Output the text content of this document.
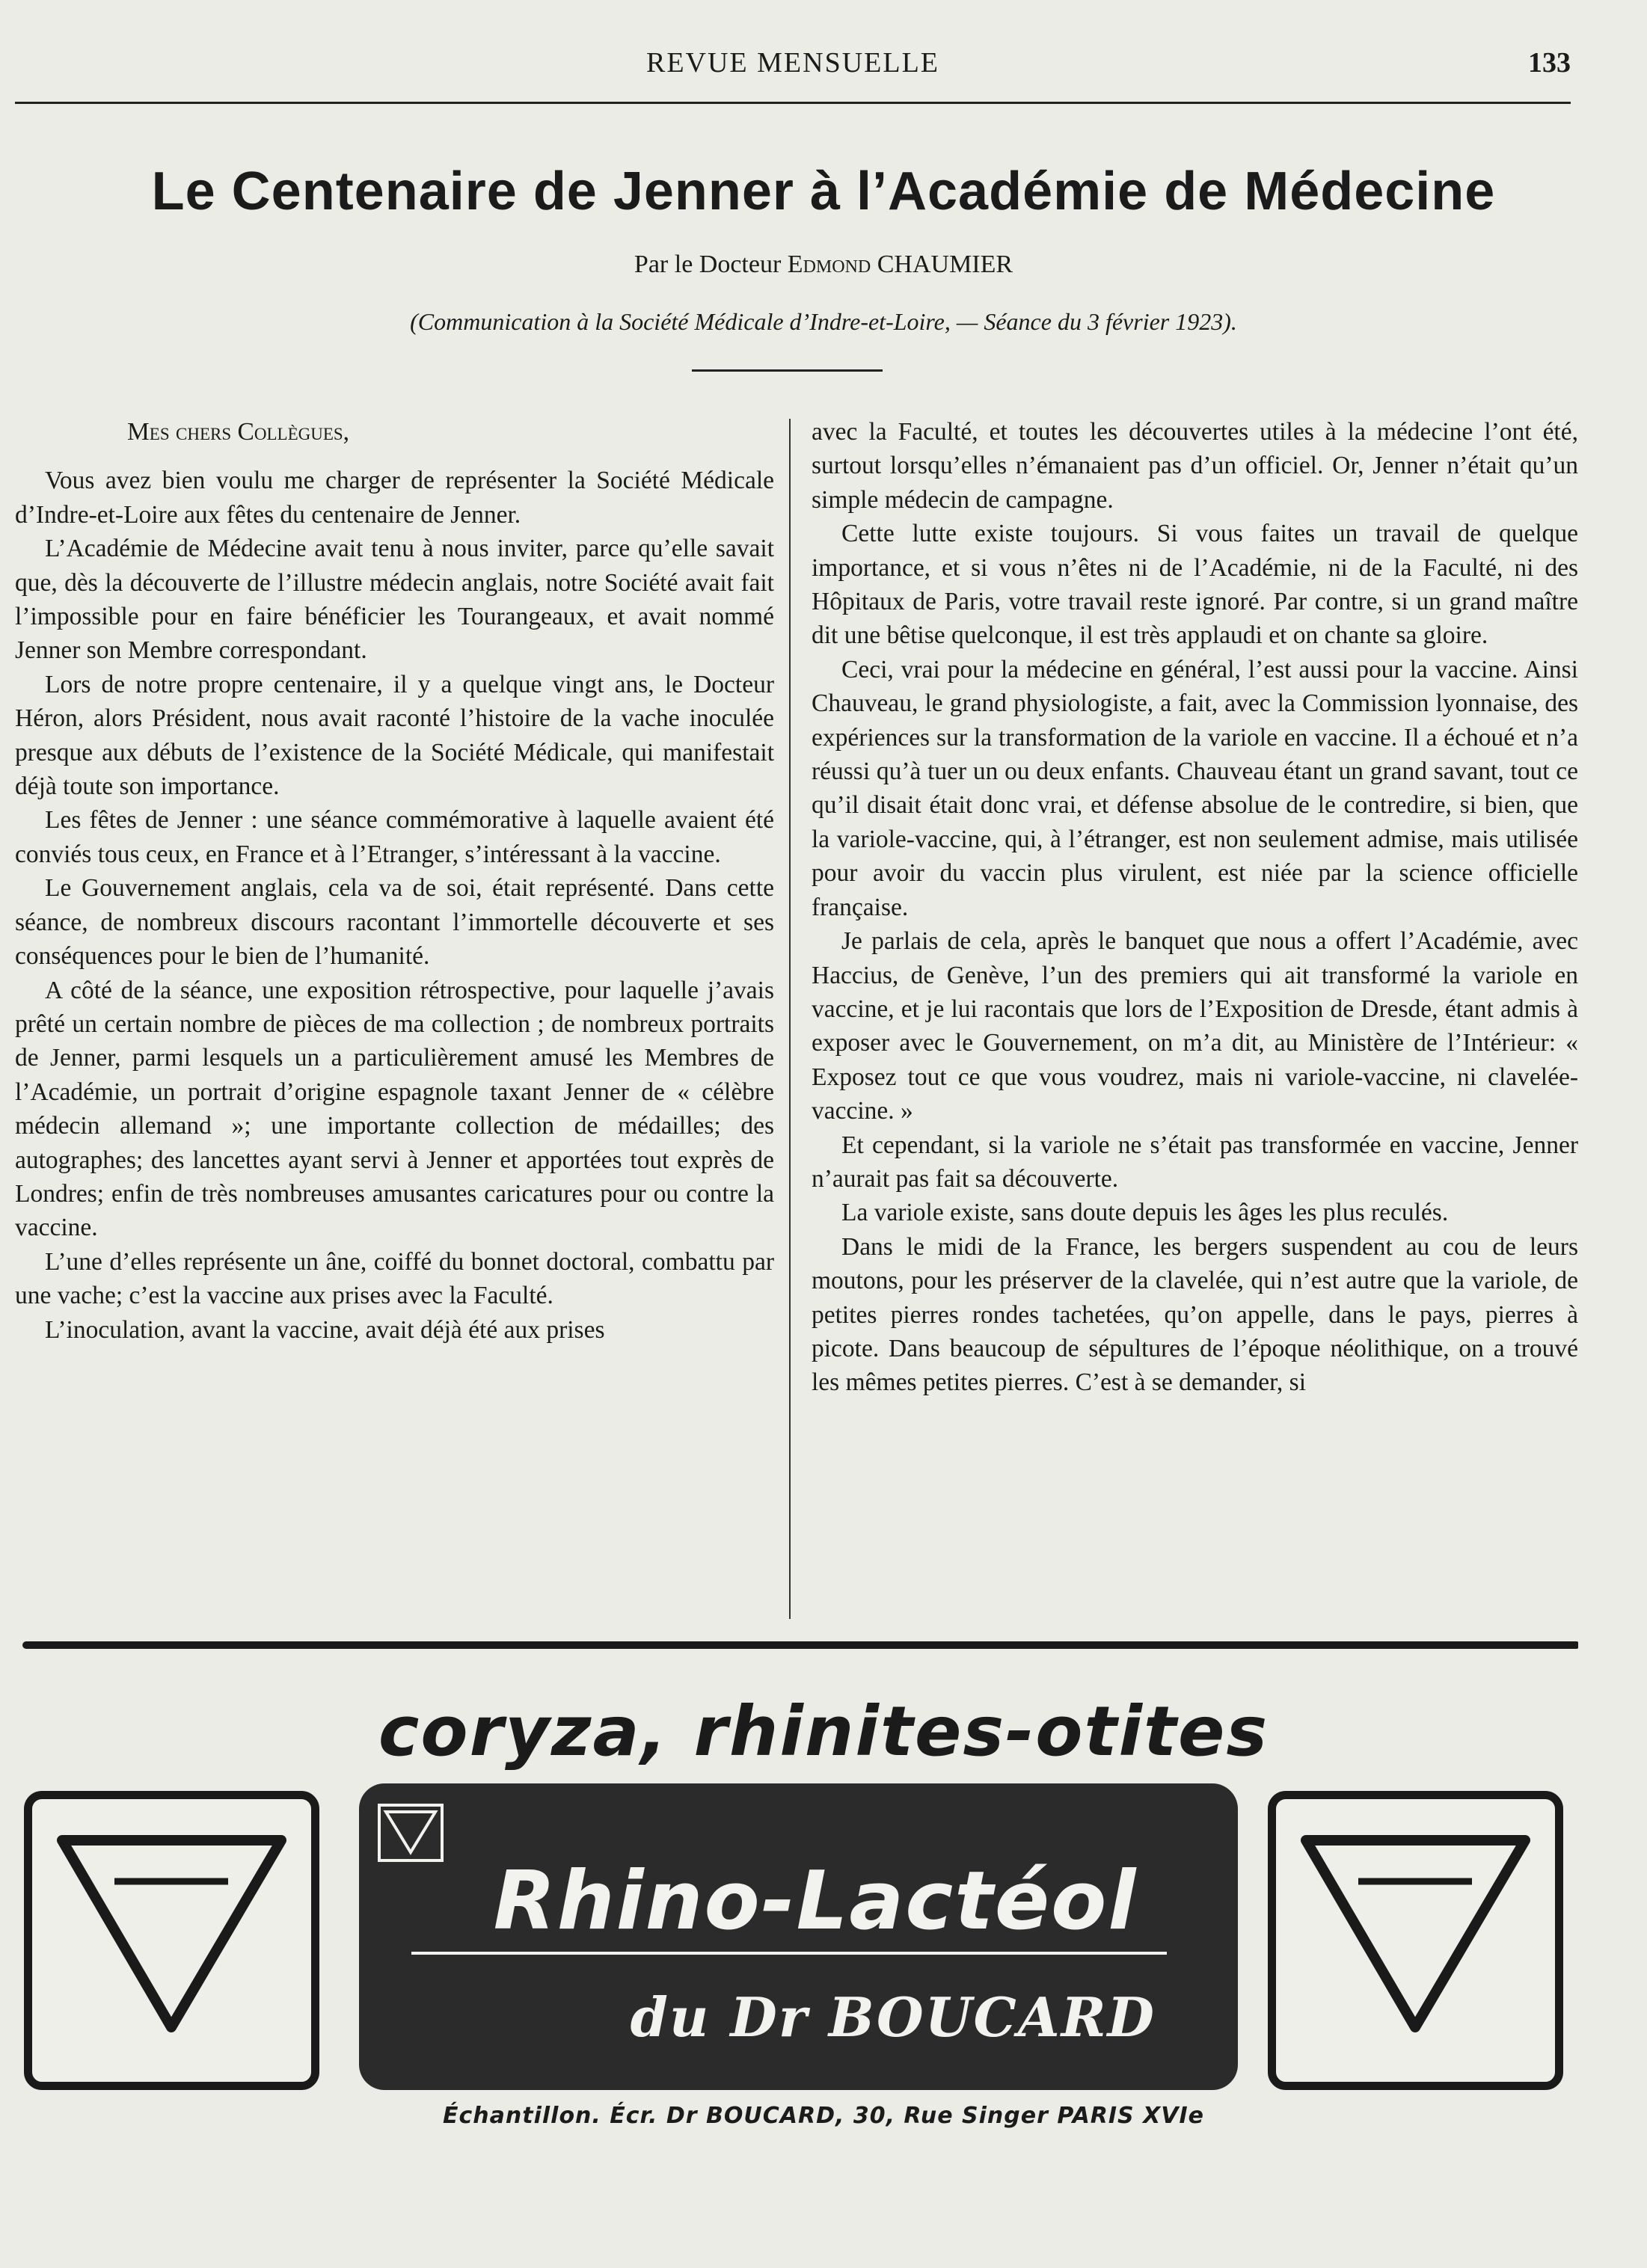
REVUE MENSUELLE	133
Le Centenaire de Jenner à l’Académie de Médecine
Par le Docteur Edmond CHAUMIER
(Communication à la Société Médicale d’Indre-et-Loire, — Séance du 3 février 1923).

Mes chers Collègues,

Vous avez bien voulu me charger de représenter la Société Médicale d’Indre-et-Loire aux fêtes du centenaire de Jenner.

L’Académie de Médecine avait tenu à nous inviter, parce qu’elle savait que, dès la découverte de l’illustre médecin anglais, notre Société avait fait l’impossible pour en faire bénéficier les Tourangeaux, et avait nommé Jenner son Membre correspondant.

Lors de notre propre centenaire, il y a quelque vingt ans, le Docteur Héron, alors Président, nous avait raconté l’histoire de la vache inoculée presque aux débuts de l’existence de la Société Médicale, qui manifestait déjà toute son importance.

Les fêtes de Jenner : une séance commémorative à laquelle avaient été conviés tous ceux, en France et à l’Etranger, s’intéressant à la vaccine.

Le Gouvernement anglais, cela va de soi, était représenté. Dans cette séance, de nombreux discours racontant l’immortelle découverte et ses conséquences pour le bien de l’humanité.

A côté de la séance, une exposition rétrospective, pour laquelle j’avais prêté un certain nombre de pièces de ma collection ; de nombreux portraits de Jenner, parmi lesquels un a particulièrement amusé les Membres de l’Académie, un portrait d’origine espagnole taxant Jenner de « célèbre médecin allemand »; une importante collection de médailles; des autographes; des lancettes ayant servi à Jenner et apportées tout exprès de Londres; enfin de très nombreuses amusantes caricatures pour ou contre la vaccine.

L’une d’elles représente un âne, coiffé du bonnet doctoral, combattu par une vache; c’est la vaccine aux prises avec la Faculté.

L’inoculation, avant la vaccine, avait déjà été aux prises

avec la Faculté, et toutes les découvertes utiles à la médecine l’ont été, surtout lorsqu’elles n’émanaient pas d’un officiel. Or, Jenner n’était qu’un simple médecin de campagne.

Cette lutte existe toujours. Si vous faites un travail de quelque importance, et si vous n’êtes ni de l’Académie, ni de la Faculté, ni des Hôpitaux de Paris, votre travail reste ignoré. Par contre, si un grand maître dit une bêtise quelconque, il est très applaudi et on chante sa gloire.

Ceci, vrai pour la médecine en général, l’est aussi pour la vaccine. Ainsi Chauveau, le grand physiologiste, a fait, avec la Commission lyonnaise, des expériences sur la transformation de la variole en vaccine. Il a échoué et n’a réussi qu’à tuer un ou deux enfants. Chauveau étant un grand savant, tout ce qu’il disait était donc vrai, et défense absolue de le contredire, si bien, que la variole-vaccine, qui, à l’étranger, est non seulement admise, mais utilisée pour avoir du vaccin plus virulent, est niée par la science officielle française.

Je parlais de cela, après le banquet que nous a offert l’Académie, avec Haccius, de Genève, l’un des premiers qui ait transformé la variole en vaccine, et je lui racontais que lors de l’Exposition de Dresde, étant admis à exposer avec le Gouvernement, on m’a dit, au Ministère de l’Intérieur: « Exposez tout ce que vous voudrez, mais ni variole-vaccine, ni clavelée-vaccine. »

Et cependant, si la variole ne s’était pas transformée en vaccine, Jenner n’aurait pas fait sa découverte.

La variole existe, sans doute depuis les âges les plus reculés.

Dans le midi de la France, les bergers suspendent au cou de leurs moutons, pour les préserver de la clavelée, qui n’est autre que la variole, de petites pierres rondes tachetées, qu’on appelle, dans le pays, pierres à picote. Dans beaucoup de sépultures de l’époque néolithique, on a trouvé les mêmes petites pierres. C’est à se demander, si

coryza, rhinites-otites
Rhino-Lactéol
du Dr BOUCARD
Échantillon. Écr. Dr BOUCARD, 30, Rue Singer PARIS XVIe
